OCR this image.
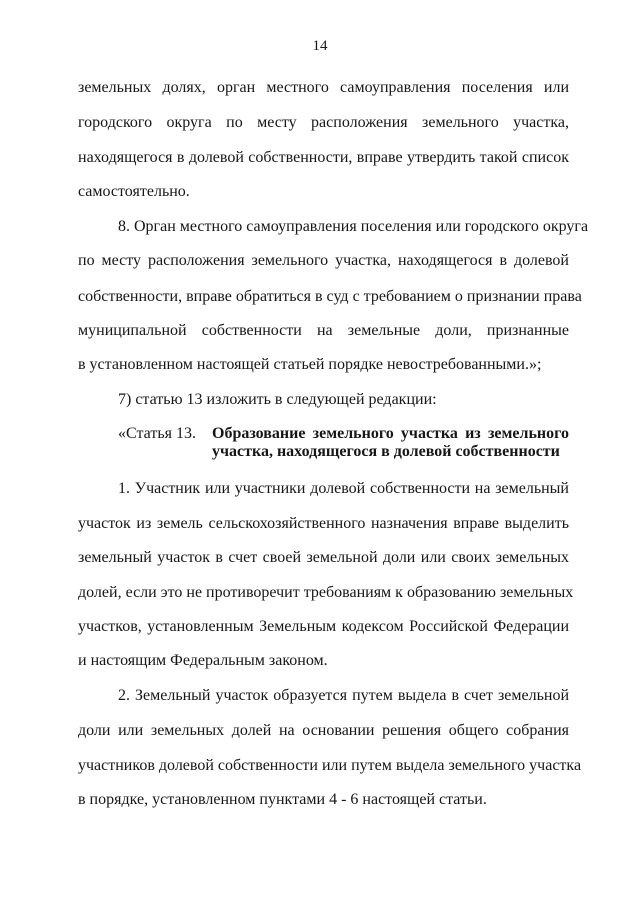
14
земельных долях, орган местного самоуправления поселения или
городского округа по месту расположения земельного участка,
находящегося в долевой собственности, вправе утвердить такой список
самостоятельно.
8. Орган местного самоуправления поселения или городского округа
по месту расположения земельного участка, находящегося в долевой
собственности, вправе обратиться в суд с требованием о признании права
муниципальной собственности на земельные доли, признанные
в установленном настоящей статьей порядке невостребованными.»;
7) статью 13 изложить в следующей редакции:
«Статья 13.	Образование земельного участка из земельного
участка, находящегося в долевой собственности
1. Участник или участники долевой собственности на земельный
участок из земель сельскохозяйственного назначения вправе выделить
земельный участок в счет своей земельной доли или своих земельных
долей, если это не противоречит требованиям к образованию земельных
участков, установленным Земельным кодексом Российской Федерации
и настоящим Федеральным законом.
2. Земельный участок образуется путем выдела в счет земельной
доли или земельных долей на основании решения общего собрания
участников долевой собственности или путем выдела земельного участка
в порядке, установленном пунктами 4 - 6 настоящей статьи.
